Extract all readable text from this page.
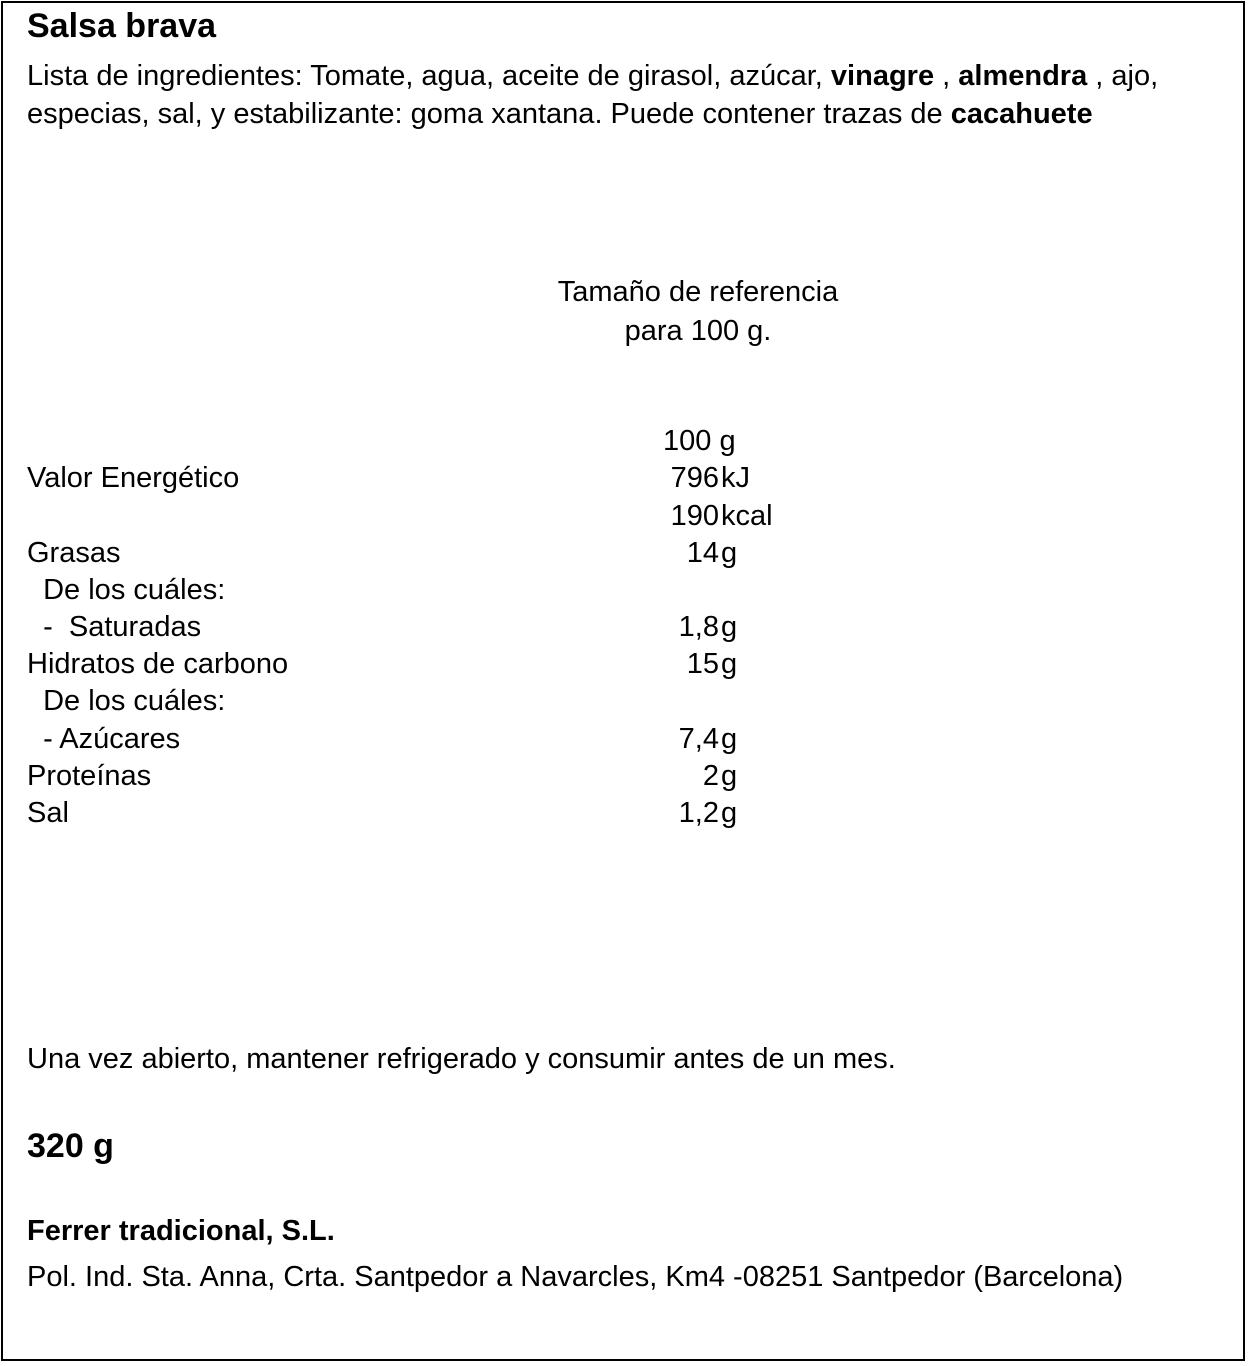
Salsa brava
Lista de ingredientes: Tomate, agua, aceite de girasol, azúcar, vinagre , almendra , ajo, especias, sal, y estabilizante: goma xantana. Puede contener trazas de cacahuete
Tamaño de referencia
para 100 g.
100 g
Valor Energético	796 kJ
190 kcal
Grasas	14 g
De los cuáles:
-  Saturadas	1,8 g
Hidratos de carbono	15 g
De los cuáles:
- Azúcares	7,4 g
Proteínas	2 g
Sal	1,2 g
Una vez abierto, mantener refrigerado y consumir antes de un mes.
320 g
Ferrer tradicional, S.L.
Pol. Ind. Sta. Anna, Crta. Santpedor a Navarcles, Km4 -08251 Santpedor (Barcelona)
